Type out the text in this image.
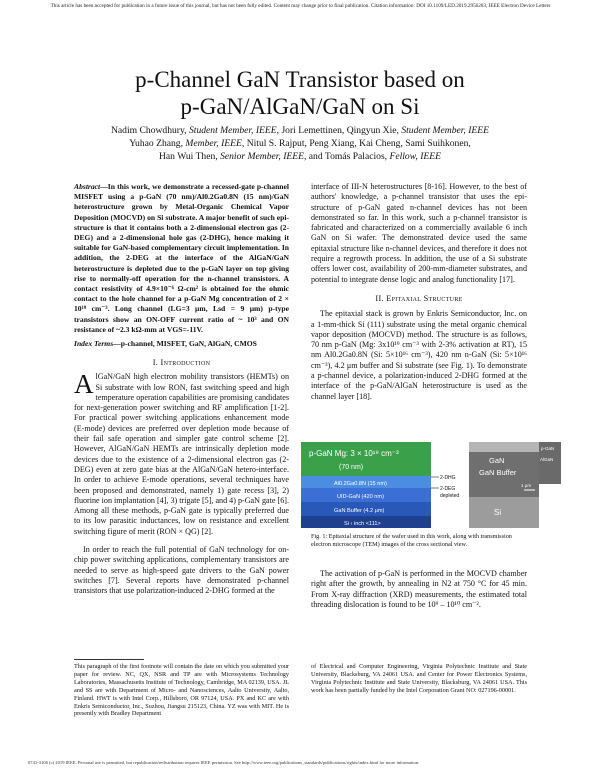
This article has been accepted for publication in a future issue of this journal, but has not been fully edited. Content may change prior to final publication. Citation information: DOI 10.1109/LED.2019.2956283, IEEE Electron Device Letters
p-Channel GaN Transistor based on
p-GaN/AlGaN/GaN on Si
Nadim Chowdhury, Student Member, IEEE, Jori Lemettinen, Qingyun Xie, Student Member, IEEE
Yuhao Zhang, Member, IEEE, Nitul S. Rajput, Peng Xiang, Kai Cheng, Sami Suihkonen,
Han Wui Then, Senior Member, IEEE, and Tomás Palacios, Fellow, IEEE
Abstract—In this work, we demonstrate a recessed-gate p-channel MISFET using a p-GaN (70 nm)/Al0.2Ga0.8N (15 nm)/GaN heterostructure grown by Metal-Organic Chemical Vapor Deposition (MOCVD) on Si substrate. A major benefit of such epi-structure is that it contains both a 2-dimensional electron gas (2-DEG) and a 2-dimensional hole gas (2-DHG), hence making it suitable for GaN-based complementary circuit implementation. In addition, the 2-DEG at the interface of the AlGaN/GaN heterostructure is depleted due to the p-GaN layer on top giving rise to normally-off operation for the n-channel transistors. A contact resistivity of 4.9×10⁻⁶ Ω-cm² is obtained for the ohmic contact to the hole channel for a p-GaN Mg concentration of 2 × 10¹⁹ cm⁻³. Long channel (LG=3 μm, Lsd = 9 μm) p-type transistors show an ON-OFF current ratio of ~ 10³ and ON resistance of ~2.3 kΩ-mm at VGS=-11V.
Index Terms—p-channel, MISFET, GaN, AlGaN, CMOS
I. Introduction
A lGaN/GaN high electron mobility transistors (HEMTs) on Si substrate with low RON, fast switching speed and high temperature operation capabilities are promising candidates for next-generation power switching and RF amplification [1-2]. For practical power switching applications enhancement mode (E-mode) devices are preferred over depletion mode because of their fail safe operation and simpler gate control scheme [2]. However, AlGaN/GaN HEMTs are intrinsically depletion mode devices due to the existence of a 2-dimensional electron gas (2-DEG) even at zero gate bias at the AlGaN/GaN hetero-interface. In order to achieve E-mode operations, several techniques have been proposed and demonstrated, namely 1) gate recess [3], 2) fluorine ion implantation [4], 3) trigate [5], and 4) p-GaN gate [6]. Among all these methods, p-GaN gate is typically preferred due to its low parasitic inductances, low on resistance and excellent switching figure of merit (RON × QG) [2].

In order to reach the full potential of GaN technology for on-chip power switching applications, complementary transistors are needed to serve as high-speed gate drivers to the GaN power switches [7]. Several reports have demonstrated p-channel transistors that use polarization-induced 2-DHG formed at the

interface of III-N heterostructures [8-16]. However, to the best of authors' knowledge, a p-channel transistor that uses the epi-structure of p-GaN gated n-channel devices has not been demonstrated so far. In this work, such a p-channel transistor is fabricated and characterized on a commercially available 6 inch GaN on Si wafer. The demonstrated device used the same epitaxial structure like n-channel devices, and therefore it does not require a regrowth process. In addition, the use of a Si substrate offers lower cost, availability of 200-mm-diameter substrates, and potential to integrate dense logic and analog functionality [17].
II. Epitaxial Structure

The epitaxial stack is grown by Enkris Semiconductor, Inc. on a 1-mm-thick Si (111) substrate using the metal organic chemical vapor deposition (MOCVD) method. The structure is as follows, 70 nm p-GaN (Mg: 3x10¹⁹ cm⁻³ with 2-3% activation at RT), 15 nm Al0.2Ga0.8N (Si: 5×10¹⁶ cm⁻³), 420 nm n-GaN (Si: 5×10¹⁶ cm⁻³), 4.2 μm buffer and Si substrate (see Fig. 1). To demonstrate a p-channel device, a polarization-induced 2-DHG formed at the interface of the p-GaN/AlGaN heterostructure is used as the channel layer [18].

p-GaN Mg: 3 × 10¹⁹ cm⁻³
(70 nm)
Al0.2Ga0.8N (15 nm)
UID-GaN (420 nm)
GaN Buffer (4.2 μm)
Si ‹ inch <111>
2-DHG
2-DEG
depleted
GaN
GaN Buffer
Si
p-GaN
AlGaN
1 μm
Fig. 1: Epitaxial structure of the wafer used in this work, along with transmission electron microscope (TEM) images of the cross sectional view.

The activation of p-GaN is performed in the MOCVD chamber right after the growth, by annealing in N2 at 750 °C for 45 min. From X-ray diffraction (XRD) measurements, the estimated total threading dislocation is found to be 10⁹ – 10¹⁰ cm⁻².

This paragraph of the first footnote will contain the date on which you submitted your paper for review. NC, QX, NSR and TP are with Microsystems Technology Laboratories, Massachusetts Institute of Technology, Cambridge, MA 02139, USA. JL and SS are with Department of Micro- and Nanosciences, Aalto University, Aalto, Finland. HWT is with Intel Corp., Hillsboro, OR 97124, USA. PX and KC are with Enkris Semiconductor, Inc., Suzhou, Jiangsu 215123, China. YZ was with MIT. He is presently with Bradley Department
of Electrical and Computer Engineering, Virginia Polytechnic Institute and State University, Blacksburg, VA 24061 USA. and Center for Power Electronics Systems, Virginia Polytechnic Institute and State University, Blacksburg, VA 24061 USA. This work has been partially funded by the Intel Corporation Grant NO: 027196-00001.
0741-3106 (c) 2019 IEEE. Personal use is permitted, but republication/redistribution requires IEEE permission. See http://www.ieee.org/publications_standards/publications/rights/index.html for more information.
